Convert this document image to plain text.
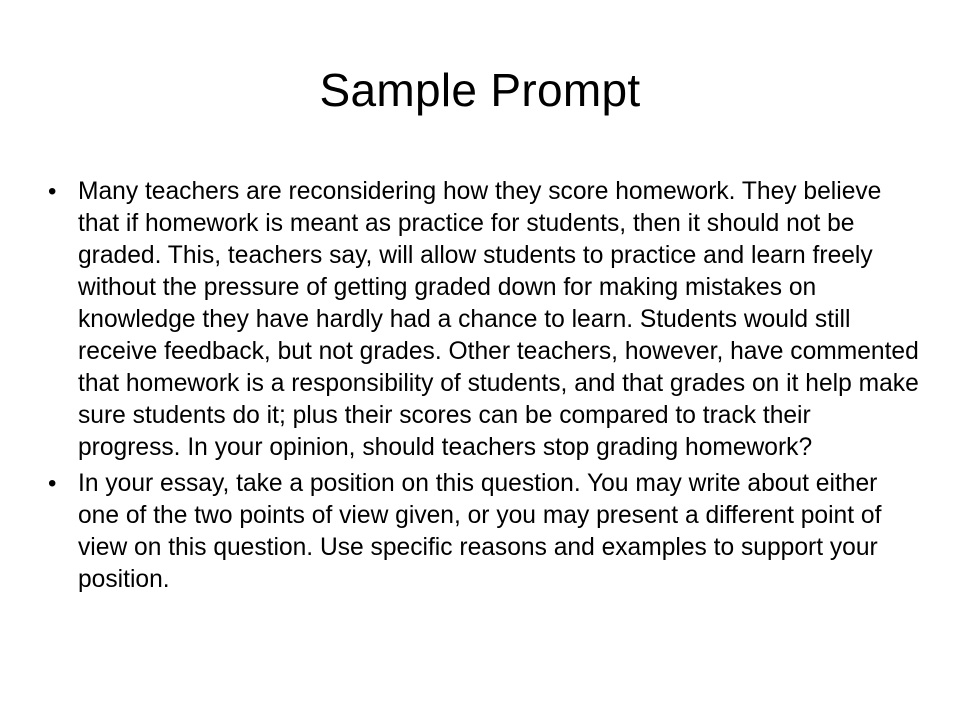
Sample Prompt
• Many teachers are reconsidering how they score homework. They believe that if homework is meant as practice for students, then it should not be graded. This, teachers say, will allow students to practice and learn freely without the pressure of getting graded down for making mistakes on knowledge they have hardly had a chance to learn. Students would still receive feedback, but not grades. Other teachers, however, have commented that homework is a responsibility of students, and that grades on it help make sure students do it; plus their scores can be compared to track their progress. In your opinion, should teachers stop grading homework?
• In your essay, take a position on this question. You may write about either one of the two points of view given, or you may present a different point of view on this question. Use specific reasons and examples to support your position.
